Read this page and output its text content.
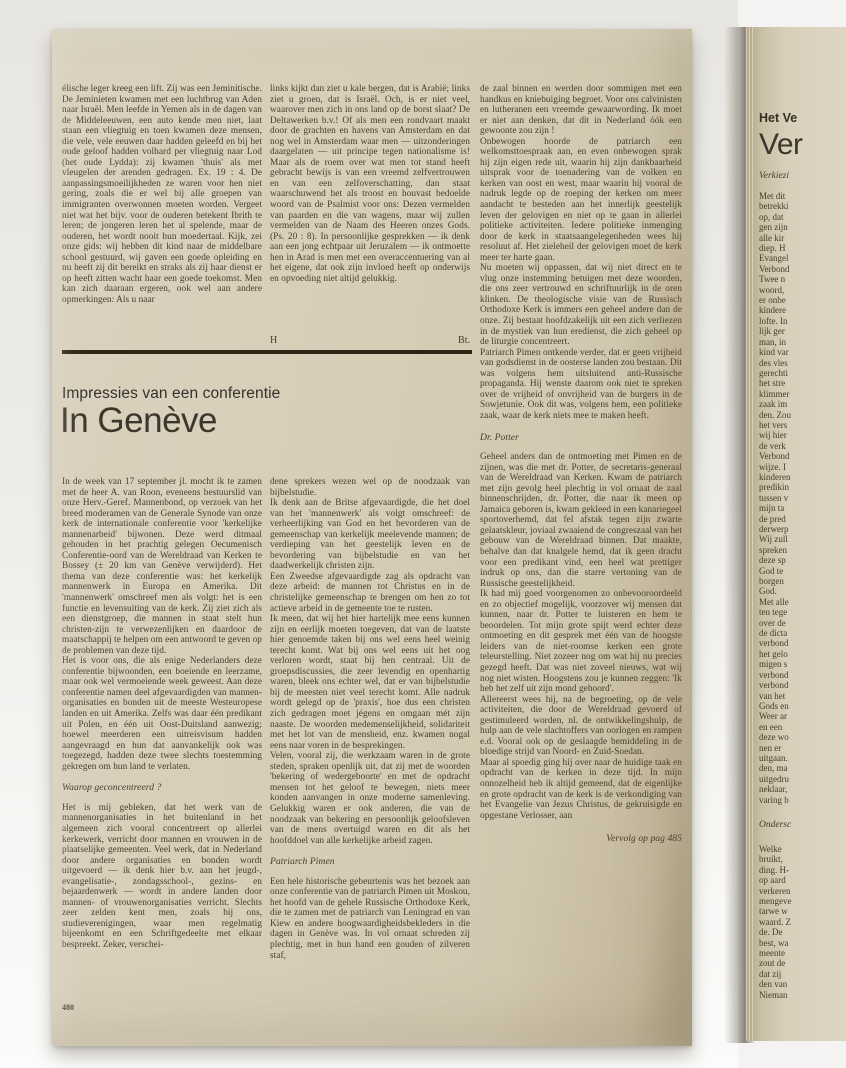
élische leger kreeg een lift. Zij was een Jeminitische. De Jeminieten kwamen met een luchtbrug van Aden naar Israël. Men leefde in Yemen als in de dagen van de Middeleeuwen, een auto kende men niet, laat staan een vliegtuig en toen kwamen deze mensen, die vele, vele eeuwen daar hadden geleefd en bij het oude geloof hadden volhard per vliegtuig naar Lod (het oude Lydda): zij kwamen 'thuis' als met vleugelen der arenden gedragen. Ex. 19 : 4. De aanpassingsmoeilijkheden ze waren voor hen niet gering, zoals die er wel bij alle groepen van immigranten overwonnen moeten worden. Vergeet niet wat het bijv. voor de ouderen betekent Ibrith te leren; de jongeren leren het al spelende, maar de ouderen, het wordt nooit hun moedertaal. Kijk, zei onze gids: wij hebben dit kind naar de middelbare school gestuurd, wij gaven een goede opleiding en nu heeft zij dit bereikt en straks als zij haar dienst er op heeft zitten wacht haar een goede toekomst. Men kan zich daaraan ergeren, ook wel aan andere opmerkingen: Als u naar

links kijkt dan ziet u kale bergen, dat is Arabië; links ziet u groen, dat is Israël. Och, is er niet veel, waarover men zich in ons land op de borst slaat? De Deltawerken b.v.! Of als men een rondvaart maakt door de grachten en havens van Amsterdam en dat nog wel in Amsterdam waar men — uitzonderingen daargelaten — uit principe tegen nationalisme is! Maar als de roem over wat men tot stand heeft gebracht bewijs is van een vreemd zelfvertrouwen en van een zelfoverschatting, dan staat waarschuwend het als troost en houvast bedoelde woord van de Psalmist voor ons: Dezen vermelden van paarden en die van wagens, maar wij zullen vermelden van de Naam des Heeren onzes Gods. (Ps. 20 : 8). In persoonlijke gesprekken — ik denk aan een jong echtpaar uit Jeruzalem — ik ontmoette hen in Arad is men met een overaccentuering van al het eigene, dat ook zijn invloed heeft op onderwijs en opvoeding niet altijd gelukkig.

H	Bt.
Impressies van een conferentie
In Genève

In de week van 17 september jl. mocht ik te zamen met de heer A. van Roon, eveneens bestuurslid van onze Herv.-Geref. Mannenbond, op verzoek van het breed moderamen van de Generale Synode van onze kerk de internationale conferentie voor 'kerkelijke mannenarbeid' bijwonen. Deze werd ditmaal gehouden in het prachtig gelegen Oecumenisch Conferentie-oord van de Wereldraad van Kerken te Bossey (± 20 km van Genève verwijderd). Het thema van deze conferentie was: het kerkelijk mannenwerk in Europa en Amerika. Dit 'mannenwerk' omschreef men als volgt: het is een functie en levensuiting van de kerk. Zij ziet zich als een dienstgroep, die mannen in staat stelt hun christen-zijn te verwezenlijken en daardoor de maatschappij te helpen om een antwoord te geven op de problemen van deze tijd.

Het is voor ons, die als enige Nederlanders deze conferentie bijwoonden, een boeiende en leerzame, maar ook wel vermoeiende week geweest. Aan deze conferentie namen deel afgevaardigden van mannen-organisaties en bonden uit de meeste Westeuropese landen en uit Amerika. Zelfs was daar één predikant uit Polen, en één uit Oost-Duitsland aanwezig; hoewel meerderen een uitreisvisum hadden aangevraagd en hun dat aanvankelijk ook was toegezegd, hadden deze twee slechts toestemming gekregen om hun land te verlaten.

Waarop geconcentreerd ?

Het is mij gebleken, dat het werk van de mannenorganisaties in het buitenland in het algemeen zich vooral concentreert op allerlei kerkewerk, verricht door mannen en vrouwen in de plaatselijke gemeenten. Veel werk, dat in Nederland door andere organisaties en bonden wordt uitgevoerd — ik denk hier b.v. aan het jeugd-, evangelisatie-, zondagsschool-, gezins- en bejaardenwerk — wordt in andere landen door mannen- of vrouwenorganisaties verricht. Slechts zeer zelden kent men, zoals bij ons, studieverenigingen, waar men regelmatig bijeenkomt en een Schriftgedeelte met elkaar bespreekt. Zeker, verschei-

dene sprekers wezen wel op de noodzaak van bijbelstudie.

Ik denk aan de Britse afgevaardigde, die het doel van het 'mannenwerk' als volgt omschreef: de verheerlijking van God en het bevorderen van de gemeenschap van kerkelijk meelevende mannen; de verdieping van het geestelijk leven en de bevordering van bijbelstudie en van het daadwerkelijk christen zijn.

Een Zweedse afgevaardigde zag als opdracht van deze arbeid: de mannen tot Christus en in de christelijke gemeenschap te brengen om hen zo tot actieve arbeid in de gemeente toe te rusten.

Ik meen, dat wij het hier hartelijk mee eens kunnen zijn en eerlijk moeten toegeven, dat van de laatste hier genoemde taken bij ons wel eens heel weinig terecht komt. Wat bij ons wel eens uit het oog verloren wordt, staat bij hen centraal. Uit de groepsdiscussies, die zeer levendig en openhartig waren, bleek ons echter wel, dat er van bijbelstudie bij de meesten niet veel terecht komt. Alle nadruk wordt gelegd op de 'praxis', hoe dus een christen zich gedragen moet jégens en omgaan mét zijn naaste. De woorden medemenselijkheid, solidariteit met het lot van de mensheid, enz. kwamen nogal eens naar voren in de besprekingen.

Velen, vooral zij, die werkzaam waren in de grote steden, spraken openlijk uit, dat zij met de woorden 'bekering of wedergeboorte' en met de opdracht mensen tot het geloof te bewegen, niets meer konden aanvangen in onze moderne samenleving. Gelukkig waren er ook anderen, die van de noodzaak van bekering en persoonlijk geloofsleven van de mens overtuigd waren en dit als het hoofddoel van alle kerkelijke arbeid zagen.

Patriarch Pimen

Een hele historische gebeurtenis was het bezoek aan onze conferentie van de patriarch Pimen uit Moskou, het hoofd van de gehele Russische Orthodoxe Kerk, die te zamen met de patriarch van Leningrad en van Kiew en andere hoogwaardigheidsbekleders in die dagen in Genève was. In vol ornaat schreden zij plechtig, met in hun hand een gouden of zilveren staf,

de zaal binnen en werden door sommigen met een handkus en kniebuiging begroet. Voor ons calvinisten en lutheranen een vreemde gewaarwording. Ik moet er niet aan denken, dat dit in Nederland óók een gewoonte zou zijn !

Onbewogen hoorde de patriarch een welkomsttoespraak aan, en even onbewogen sprak hij zijn eigen rede uit, waarin hij zijn dankbaarheid uitsprak voor de toenadering van de volken en kerken van oost en west, maar waarin hij vooral de nadruk legde op de roeping der kerken om meer aandacht te besteden aan het innerlijk geestelijk leven der gelovigen en niet op te gaan in allerlei politieke activiteiten. Iedere politieke inmenging door de kerk in staatsaangelegenheden wees hij resoluut af. Het zieleheil der gelovigen moet de kerk meer ter harte gaan.

Nu moeten wij oppassen, dat wij niet direct en te vlug onze instemming betuigen met deze woorden, die ons zeer vertrouwd en schriftuurlijk in de oren klinken. De theologische visie van de Russisch Orthodoxe Kerk is immers een geheel andere dan de onze. Zij bestaat hoofdzakelijk uit een zich verliezen in de mystiek van hun eredienst, die zich geheel op de liturgie concentreert.

Patriarch Pimen ontkende verder, dat er geen vrijheid van godsdienst in de oosterse landen zou bestaan. Dit was volgens hem uitsluitend anti-Russische propaganda. Hij wenste daarom ook niet te spreken over de vrijheid of onvrijheid van de burgers in de Sowjetunie. Ook dit was, volgens hem, een politieke zaak, waar de kerk niets mee te maken heeft.

Dr. Potter

Geheel anders dan de ontmoeting met Pimen en de zijnen, was die met dr. Potter, de secretaris-generaal van de Wereldraad van Kerken. Kwam de patriarch met zijn gevolg heel plechtig in vol ornaat de zaal binnenschrijden, dr. Potter, die naar ik meen op Jamaica geboren is, kwam gekleed in een kanariegeel sportoverhemd, dat fel afstak tegen zijn zwarte gelaatskleur, joviaal zwaaiend de congreszaal van het gebouw van de Wereldraad binnen. Dat maakte, behalve dan dat knalgele hemd, dat ik geen dracht voor een predikant vind, een heel wat prettiger indruk op ons, dan die starre vertoning van de Russische geestelijkheid.

Ik had mij goed voorgenomen zo onbevooroordeeld en zo objectief mogelijk, voorzover wij mensen dat kunnen, naar dr. Potter te luisteren en hem te beoordelen. Tot mijn grote spijt werd echter deze ontmoeting en dit gesprek met één van de hoogste leiders van de niet-roomse kerken een grote teleurstelling. Niet zozeer nog om wat hij nu precies gezegd heeft. Dat was niet zoveel nieuws, wat wij nog niet wisten. Hoogstens zou je kunnen zeggen: 'Ik heb het zelf uit zijn mond gehoord'.

Allereerst wees hij, na de begroeting, op de vele activiteiten, die door de Wereldraad gevoerd of gestimuleerd worden, nl. de ontwikkelingshulp, de hulp aan de vele slachtoffers van oorlogen en rampen e.d. Vooral ook op de geslaagde bemiddeling in de bloedige strijd van Noord- en Zuid-Soedan.

Maar al spoedig ging hij over naar de huidige taak en opdracht van de kerken in deze tijd. In mijn onnozelheid heb ik altijd gemeend, dat de eigenlijke en grote opdracht van de kerk is de verkondiging van het Evangelie van Jezus Christus, de gekruisigde en opgestane Verlosser, aan

Vervolg op pag 485
480
Het Ve
Ver
Verkiezi
Met dit
betrekki
op, dat
gen zijn
alle kir
diep. H
Evangel
Verbond
Twee n
woord,
er onbe
kindere
lofte. In
lijk ger
man, in
kind var
des vles
gerechti
het stre
klimmer
zaak im
den. Zou
het vers
wij hier
de verk
Verbond
wijze. I
kinderen
predikin
tussen v
mijn ta
de pred
derwerp
Wij zull
spreken
deze sp
God te
borgen
God.
Met alle
ten tege
over de
de dicta
verbond
het gelo
migen s
verbond
verbond
van het
Gods en
Weer ar
en een
deze wo
nen er
uitgaan.
den, ma
uitgedru
neklaar,
varing b
Ondersc
Welke
bruikt,
ding. H-
op aard
verkeren
mengeve
tarwe w
waard. Z
de. De
best, wa
meente
zout de
dat zij
den van
Nieman
